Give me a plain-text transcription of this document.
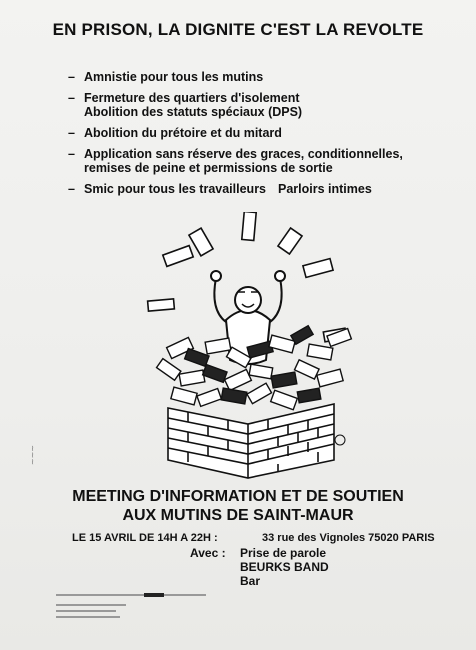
EN PRISON, LA DIGNITE C'EST LA REVOLTE
– Amnistie pour tous les mutins
– Fermeture des quartiers d'isolement
Abolition des statuts spéciaux (DPS)
– Abolition du prétoire et du mitard
– Application sans réserve des graces, conditionnelles,
remises de peine et permissions de sortie
– Smic pour tous les travailleurs Parloirs intimes
~~~
MEETING D'INFORMATION ET DE SOUTIEN
AUX MUTINS DE SAINT-MAUR
LE 15 AVRIL DE 14H A 22H :	33 rue des Vignoles 75020 PARIS
Avec : Prise de parole
BEURKS BAND
Bar
